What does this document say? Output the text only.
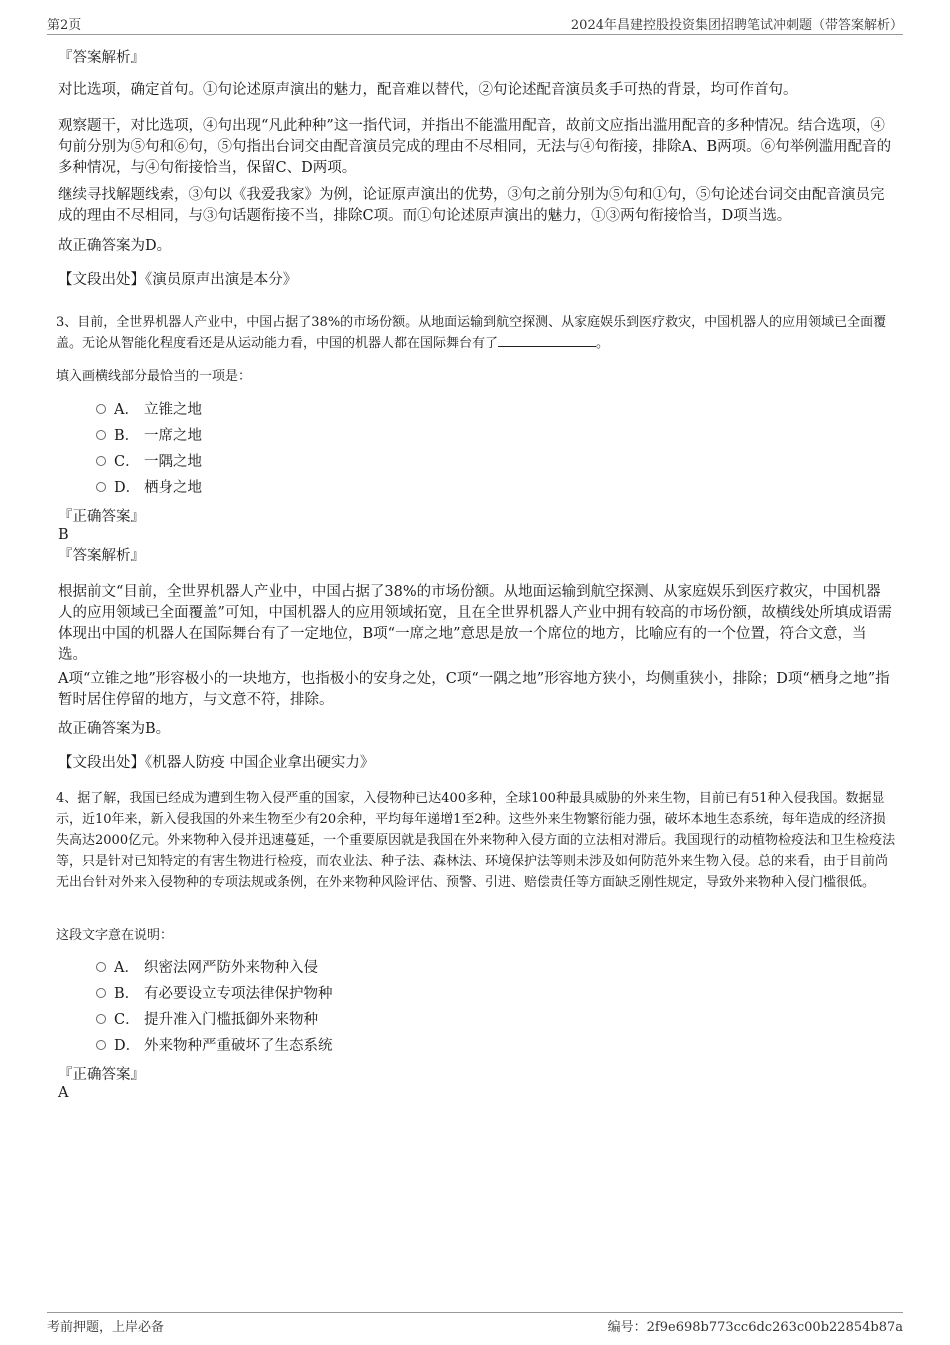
第2页	2024年昌建控股投资集团招聘笔试冲刺题（带答案解析）
『答案解析』
对比选项，确定首句。①句论述原声演出的魅力，配音难以替代，②句论述配音演员炙手可热的背景，均可作首句。
观察题干，对比选项，④句出现“凡此种种”这一指代词，并指出不能滥用配音，故前文应指出滥用配音的多种情况。结合选项，④句前分别为⑤句和⑥句，⑤句指出台词交由配音演员完成的理由不尽相同，无法与④句衔接，排除A、B两项。⑥句举例滥用配音的多种情况，与④句衔接恰当，保留C、D两项。
继续寻找解题线索，③句以《我爱我家》为例，论证原声演出的优势，③句之前分别为⑤句和①句，⑤句论述台词交由配音演员完成的理由不尽相同，与③句话题衔接不当，排除C项。而①句论述原声演出的魅力，①③两句衔接恰当，D项当选。
故正确答案为D。
【文段出处】《演员原声出演是本分》
3、目前，全世界机器人产业中，中国占据了38%的市场份额。从地面运输到航空探测、从家庭娱乐到医疗救灾，中国机器人的应用领域已全面覆盖。无论从智能化程度看还是从运动能力看，中国的机器人都在国际舞台有了	。
填入画横线部分最恰当的一项是：
A． 立锥之地
B． 一席之地
C． 一隅之地
D． 栖身之地
『正确答案』
B
『答案解析』
根据前文“目前，全世界机器人产业中，中国占据了38%的市场份额。从地面运输到航空探测、从家庭娱乐到医疗救灾，中国机器人的应用领域已全面覆盖”可知，中国机器人的应用领域拓宽，且在全世界机器人产业中拥有较高的市场份额，故横线处所填成语需体现出中国的机器人在国际舞台有了一定地位，B项“一席之地”意思是放一个席位的地方，比喻应有的一个位置，符合文意，当选。
A项“立锥之地”形容极小的一块地方，也指极小的安身之处，C项“一隅之地”形容地方狭小，均侧重狭小，排除；D项“栖身之地”指暂时居住停留的地方，与文意不符，排除。
故正确答案为B。
【文段出处】《机器人防疫 中国企业拿出硬实力》
4、据了解，我国已经成为遭到生物入侵严重的国家，入侵物种已达400多种，全球100种最具威胁的外来生物，目前已有51种入侵我国。数据显示，近10年来，新入侵我国的外来生物至少有20余种，平均每年递增1至2种。这些外来生物繁衍能力强，破坏本地生态系统，每年造成的经济损失高达2000亿元。外来物种入侵并迅速蔓延，一个重要原因就是我国在外来物种入侵方面的立法相对滞后。我国现行的动植物检疫法和卫生检疫法等，只是针对已知特定的有害生物进行检疫，而农业法、种子法、森林法、环境保护法等则未涉及如何防范外来生物入侵。总的来看，由于目前尚无出台针对外来入侵物种的专项法规或条例，在外来物种风险评估、预警、引进、赔偿责任等方面缺乏刚性规定，导致外来物种入侵门槛很低。
这段文字意在说明：
A． 织密法网严防外来物种入侵
B． 有必要设立专项法律保护物种
C． 提升准入门槛抵御外来物种
D． 外来物种严重破坏了生态系统
『正确答案』
A
考前押题，上岸必备	编号：2f9e698b773cc6dc263c00b22854b87a
